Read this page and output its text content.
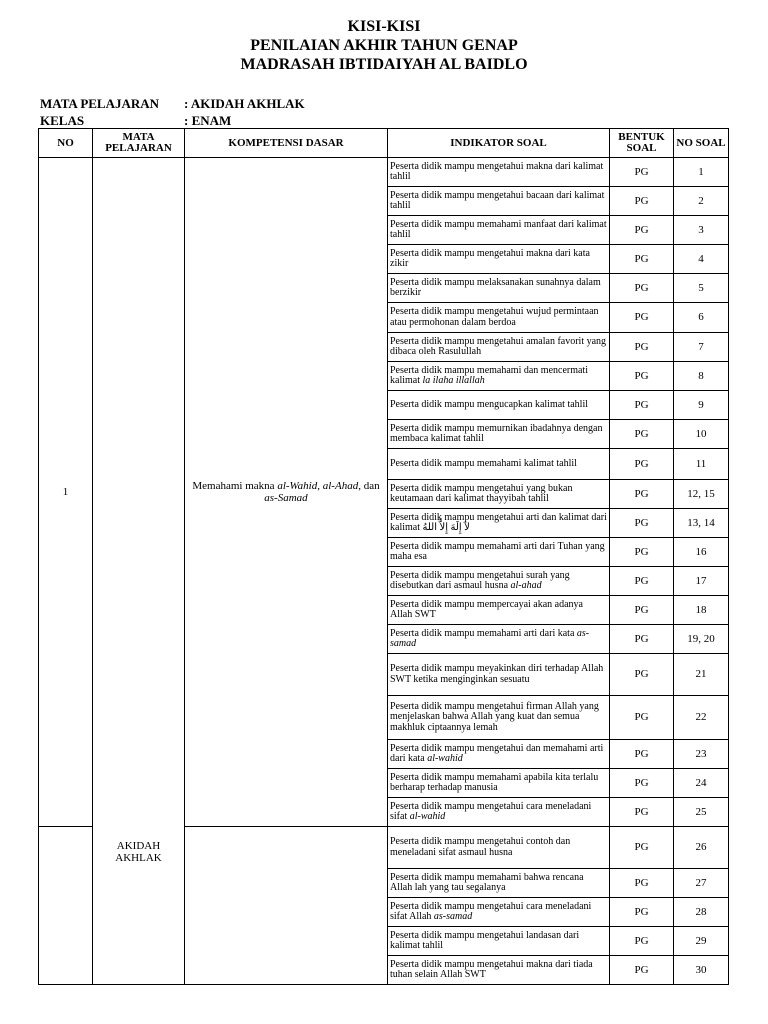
KISI-KISI
PENILAIAN AKHIR TAHUN GENAP
MADRASAH IBTIDAIYAH AL BAIDLO
MATA PELAJARAN : AKIDAH AKHLAK
KELAS	: ENAM
NO	MATA PELAJARAN	KOMPETENSI DASAR	INDIKATOR SOAL	BENTUK SOAL	NO SOAL
1	AKIDAH AKHLAK	Memahami makna al-Wahid, al-Ahad, dan as-Samad	Peserta didik mampu mengetahui makna dari kalimat tahlil	PG	1
			Peserta didik mampu mengetahui bacaan dari kalimat tahlil	PG	2
			Peserta didik mampu memahami manfaat dari kalimat tahlil	PG	3
			Peserta didik mampu mengetahui makna dari kata zikir	PG	4
			Peserta didik mampu melaksanakan sunahnya dalam berzikir	PG	5
			Peserta didik mampu mengetahui wujud permintaan atau permohonan dalam berdoa	PG	6
			Peserta didik mampu mengetahui amalan favorit yang dibaca oleh Rasulullah	PG	7
			Peserta didik mampu memahami dan mencermati kalimat la ilaha illallah	PG	8
			Peserta didik mampu mengucapkan kalimat tahlil	PG	9
			Peserta didik mampu memurnikan ibadahnya dengan membaca kalimat tahlil	PG	10
			Peserta didik mampu memahami kalimat tahlil	PG	11
			Peserta didik mampu mengetahui yang bukan keutamaan dari kalimat thayyibah tahlil	PG	12, 15
			Peserta didik mampu mengetahui arti dan kalimat dari kalimat لاَ إِلَهَ إِلاَّ اللهُ	PG	13, 14
			Peserta didik mampu memahami arti dari Tuhan yang maha esa	PG	16
			Peserta didik mampu mengetahui surah yang disebutkan dari asmaul husna al-ahad	PG	17
			Peserta didik mampu mempercayai akan adanya Allah SWT	PG	18
			Peserta didik mampu memahami arti dari kata as-samad	PG	19, 20
			Peserta didik mampu meyakinkan diri terhadap Allah SWT ketika menginginkan sesuatu	PG	21
			Peserta didik mampu mengetahui firman Allah yang menjelaskan bahwa Allah yang kuat dan semua makhluk ciptaannya lemah	PG	22
			Peserta didik mampu mengetahui dan memahami arti dari kata al-wahid	PG	23
			Peserta didik mampu memahami apabila kita terlalu berharap terhadap manusia	PG	24
			Peserta didik mampu mengetahui cara meneladani sifat al-wahid	PG	25
			Peserta didik mampu mengetahui contoh dan meneladani sifat asmaul husna	PG	26
			Peserta didik mampu memahami bahwa rencana Allah lah yang tau segalanya	PG	27
			Peserta didik mampu mengetahui cara meneladani sifat Allah as-samad	PG	28
			Peserta didik mampu mengetahui landasan dari kalimat tahlil	PG	29
			Peserta didik mampu mengetahui makna dari tiada tuhan selain Allah SWT	PG	30
